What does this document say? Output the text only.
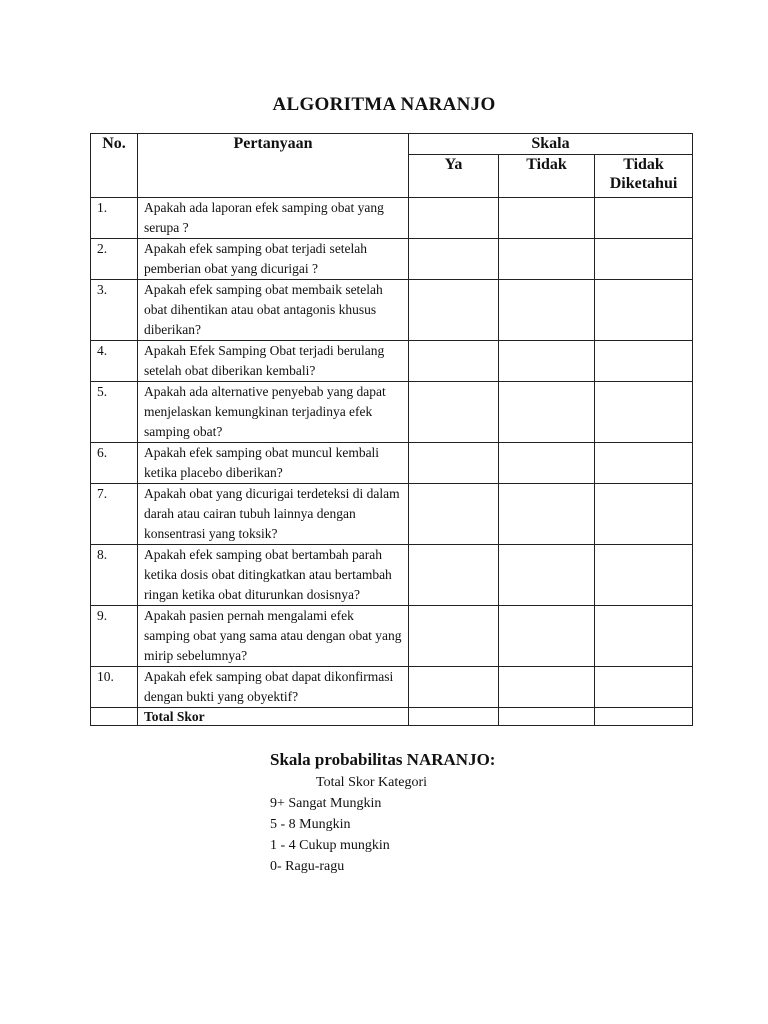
ALGORITMA NARANJO
No.	Pertanyaan	Skala		
		Ya	Tidak	Tidak Diketahui
1.	Apakah ada laporan efek samping obat yang serupa ?			
2.	Apakah efek samping obat terjadi setelah pemberian obat yang dicurigai ?			
3.	Apakah efek samping obat membaik setelah obat dihentikan atau obat antagonis khusus diberikan?			
4.	Apakah Efek Samping Obat terjadi berulang setelah obat diberikan kembali?			
5.	Apakah ada alternative penyebab yang dapat menjelaskan kemungkinan terjadinya efek samping obat?			
6.	Apakah efek samping obat muncul kembali ketika placebo diberikan?			
7.	Apakah obat yang dicurigai terdeteksi di dalam darah atau cairan tubuh lainnya dengan konsentrasi yang toksik?			
8.	Apakah efek samping obat bertambah parah ketika dosis obat ditingkatkan atau bertambah ringan ketika obat diturunkan dosisnya?			
9.	Apakah pasien pernah mengalami efek samping obat yang sama atau dengan obat yang mirip sebelumnya?			
10.	Apakah efek samping obat dapat dikonfirmasi dengan bukti yang obyektif?			
	Total Skor			
Skala probabilitas NARANJO:
Total Skor Kategori
9+ Sangat Mungkin
5 - 8 Mungkin
1 - 4 Cukup mungkin
0- Ragu-ragu
